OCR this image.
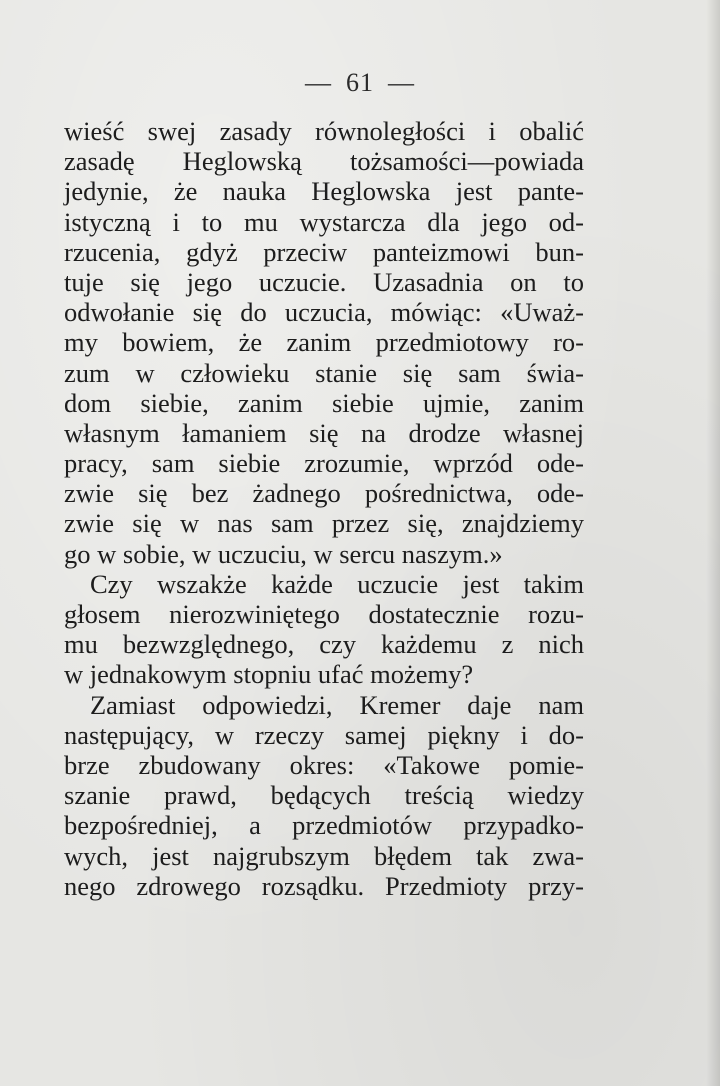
— 61 —
wieść swej zasady równoległości i obalić
zasadę Heglowską tożsamości—powiada
jedynie, że nauka Heglowska jest pante-
istyczną i to mu wystarcza dla jego od-
rzucenia, gdyż przeciw panteizmowi bun-
tuje się jego uczucie. Uzasadnia on to
odwołanie się do uczucia, mówiąc: «Uważ-
my bowiem, że zanim przedmiotowy ro-
zum w człowieku stanie się sam świa-
dom siebie, zanim siebie ujmie, zanim
własnym łamaniem się na drodze własnej
pracy, sam siebie zrozumie, wprzód ode-
zwie się bez żadnego pośrednictwa, ode-
zwie się w nas sam przez się, znajdziemy
go w sobie, w uczuciu, w sercu naszym.»
Czy wszakże każde uczucie jest takim
głosem nierozwiniętego dostatecznie rozu-
mu bezwzględnego, czy każdemu z nich
w jednakowym stopniu ufać możemy?
Zamiast odpowiedzi, Kremer daje nam
następujący, w rzeczy samej piękny i do-
brze zbudowany okres: «Takowe pomie-
szanie prawd, będących treścią wiedzy
bezpośredniej, a przedmiotów przypadko-
wych, jest najgrubszym błędem tak zwa-
nego zdrowego rozsądku. Przedmioty przy-
